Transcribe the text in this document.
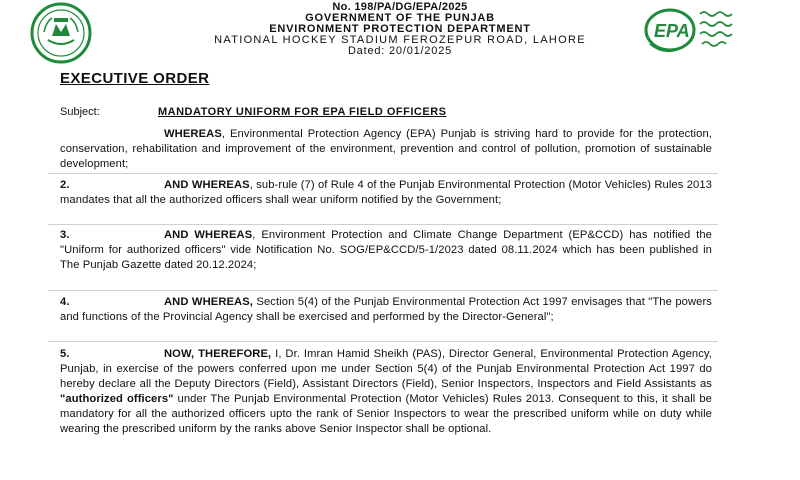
No. 198/PA/DG/EPA/2025
GOVERNMENT OF THE PUNJAB
ENVIRONMENT PROTECTION DEPARTMENT
NATIONAL HOCKEY STADIUM FEROZEPUR ROAD, LAHORE
Dated: 20/01/2025
EPA
EXECUTIVE ORDER
Subject:	MANDATORY UNIFORM FOR EPA FIELD OFFICERS
WHEREAS, Environmental Protection Agency (EPA) Punjab is striving hard to provide for the protection, conservation, rehabilitation and improvement of the environment, prevention and control of pollution, promotion of sustainable development;
2.	AND WHEREAS, sub-rule (7) of Rule 4 of the Punjab Environmental Protection (Motor Vehicles) Rules 2013 mandates that all the authorized officers shall wear uniform notified by the Government;
3.	AND WHEREAS, Environment Protection and Climate Change Department (EP&CCD) has notified the "Uniform for authorized officers" vide Notification No. SOG/EP&CCD/5-1/2023 dated 08.11.2024 which has been published in The Punjab Gazette dated 20.12.2024;
4.	AND WHEREAS, Section 5(4) of the Punjab Environmental Protection Act 1997 envisages that "The powers and functions of the Provincial Agency shall be exercised and performed by the Director-General";
5.	NOW, THEREFORE, I, Dr. Imran Hamid Sheikh (PAS), Director General, Environmental Protection Agency, Punjab, in exercise of the powers conferred upon me under Section 5(4) of the Punjab Environmental Protection Act 1997 do hereby declare all the Deputy Directors (Field), Assistant Directors (Field), Senior Inspectors, Inspectors and Field Assistants as "authorized officers" under The Punjab Environmental Protection (Motor Vehicles) Rules 2013. Consequent to this, it shall be mandatory for all the authorized officers upto the rank of Senior Inspectors to wear the prescribed uniform while on duty while wearing the prescribed uniform by the ranks above Senior Inspector shall be optional.
